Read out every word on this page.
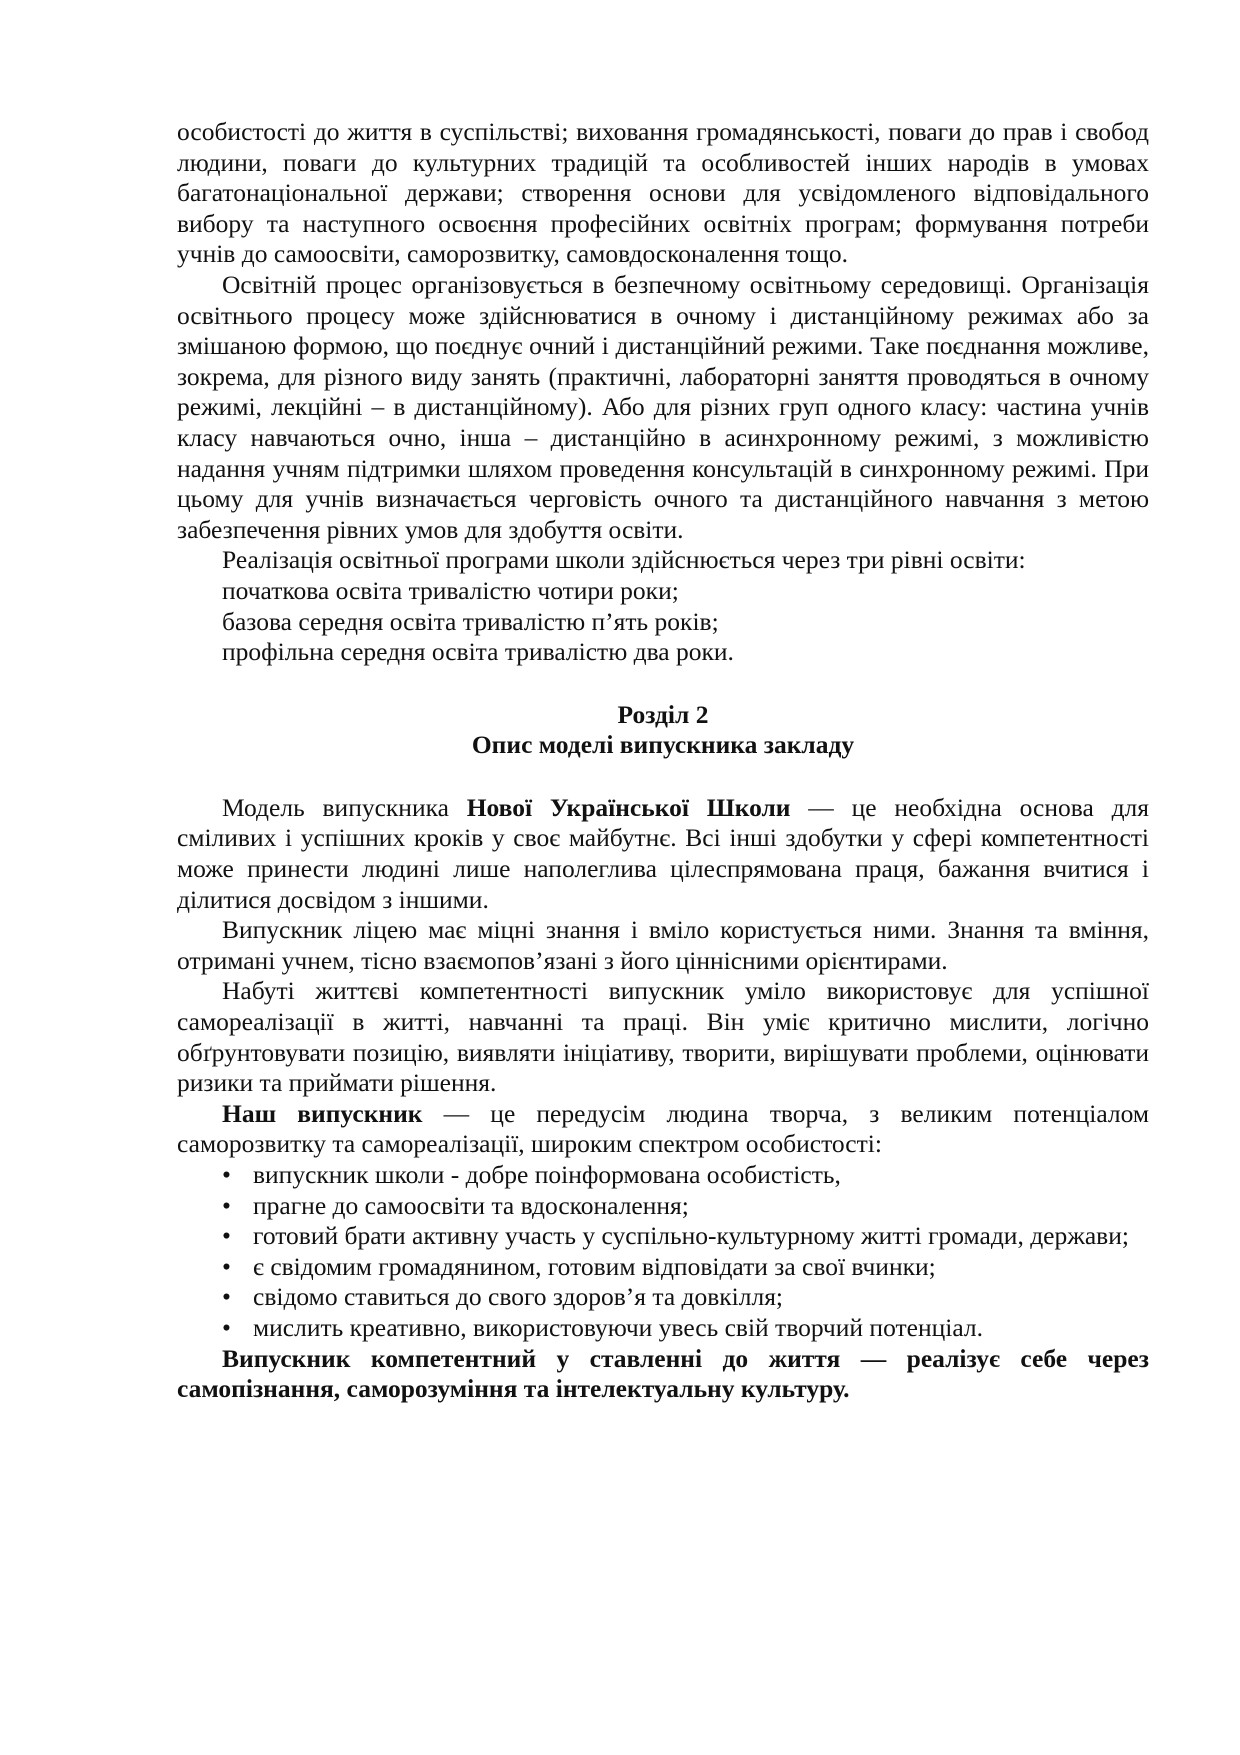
особистості до життя в суспільстві; виховання громадянськості, поваги до прав і свобод людини, поваги до культурних традицій та особливостей інших народів в умовах багатонаціональної держави; створення основи для усвідомленого відповідального вибору та наступного освоєння професійних освітніх програм; формування потреби учнів до самоосвіти, саморозвитку, самовдосконалення тощо.

Освітній процес організовується в безпечному освітньому середовищі. Організація освітнього процесу може здійснюватися в очному і дистанційному режимах або за змішаною формою, що поєднує очний і дистанційний режими. Таке поєднання можливе, зокрема, для різного виду занять (практичні, лабораторні заняття проводяться в очному режимі, лекційні – в дистанційному). Або для різних груп одного класу: частина учнів класу навчаються очно, інша – дистанційно в асинхронному режимі, з можливістю надання учням підтримки шляхом проведення консультацій в синхронному режимі. При цьому для учнів визначається черговість очного та дистанційного навчання з метою забезпечення рівних умов для здобуття освіти.

Реалізація освітньої програми школи здійснюється через три рівні освіти:

початкова освіта тривалістю чотири роки;

базова середня освіта тривалістю п’ять років;

профільна середня освіта тривалістю два роки.

Розділ 2

Опис моделі випускника закладу

Модель випускника Нової Української Школи — це необхідна основа для сміливих і успішних кроків у своє майбутнє. Всі інші здобутки у сфері компетентності може принести людині лише наполеглива цілеспрямована праця, бажання вчитися і ділитися досвідом з іншими.

Випускник ліцею має міцні знання і вміло користується ними. Знання та вміння, отримані учнем, тісно взаємопов’язані з його ціннісними орієнтирами.

Набуті життєві компетентності випускник уміло використовує для успішної самореалізації в житті, навчанні та праці. Він уміє критично мислити, логічно обґрунтовувати позицію, виявляти ініціативу, творити, вирішувати проблеми, оцінювати ризики та приймати рішення.

Наш випускник — це передусім людина творча, з великим потенціалом саморозвитку та самореалізації, широким спектром особистості:

• випускник школи - добре поінформована особистість,

• прагне до самоосвіти та вдосконалення;

• готовий брати активну участь у суспільно-культурному житті громади, держави;

• є свідомим громадянином, готовим відповідати за свої вчинки;

• свідомо ставиться до свого здоров’я та довкілля;

• мислить креативно, використовуючи увесь свій творчий потенціал.

Випускник компетентний у ставленні до життя — реалізує себе через самопізнання, саморозуміння та інтелектуальну культуру.
